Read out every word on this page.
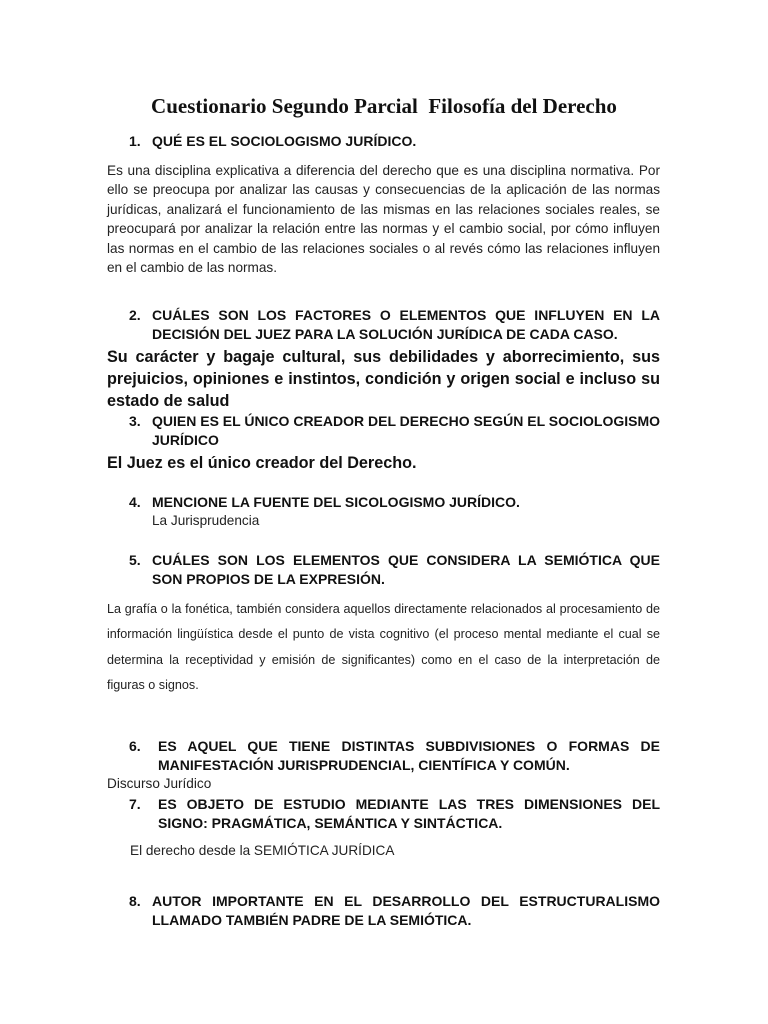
Cuestionario Segundo Parcial  Filosofía del Derecho
1. QUÉ ES EL SOCIOLOGISMO JURÍDICO.
Es una disciplina explicativa a diferencia del derecho que es una disciplina normativa. Por ello se preocupa por analizar las causas y consecuencias de la aplicación de las normas jurídicas, analizará el funcionamiento de las mismas en las relaciones sociales reales, se preocupará por analizar la relación entre las normas y el cambio social, por cómo influyen las normas en el cambio de las relaciones sociales o al revés cómo las relaciones influyen en el cambio de las normas.
2. CUÁLES SON LOS FACTORES O ELEMENTOS QUE INFLUYEN EN LA DECISIÓN DEL JUEZ PARA LA SOLUCIÓN JURÍDICA DE CADA CASO.
Su carácter y bagaje cultural, sus debilidades y aborrecimiento, sus prejuicios, opiniones e instintos, condición y origen social e incluso su estado de salud
3. QUIEN ES EL ÚNICO CREADOR DEL DERECHO SEGÚN EL SOCIOLOGISMO JURÍDICO
El Juez es el único creador del Derecho.
4. MENCIONE LA FUENTE DEL SICOLOGISMO JURÍDICO.
La Jurisprudencia
5. CUÁLES SON LOS ELEMENTOS QUE CONSIDERA LA SEMIÓTICA QUE SON PROPIOS DE LA EXPRESIÓN.
La grafía o la fonética, también considera aquellos directamente relacionados al procesamiento de información lingüística desde el punto de vista cognitivo (el proceso mental mediante el cual se determina la receptividad y emisión de significantes) como en el caso de la interpretación de figuras o signos.
6.	ES AQUEL QUE TIENE DISTINTAS SUBDIVISIONES O FORMAS DE MANIFESTACIÓN JURISPRUDENCIAL, CIENTÍFICA Y COMÚN.
Discurso Jurídico
7.	ES OBJETO DE ESTUDIO MEDIANTE LAS TRES DIMENSIONES DEL SIGNO: PRAGMÁTICA, SEMÁNTICA Y SINTÁCTICA.
El derecho desde la SEMIÓTICA JURÍDICA
8. AUTOR IMPORTANTE EN EL DESARROLLO DEL ESTRUCTURALISMO LLAMADO TAMBIÉN PADRE DE LA SEMIÓTICA.
